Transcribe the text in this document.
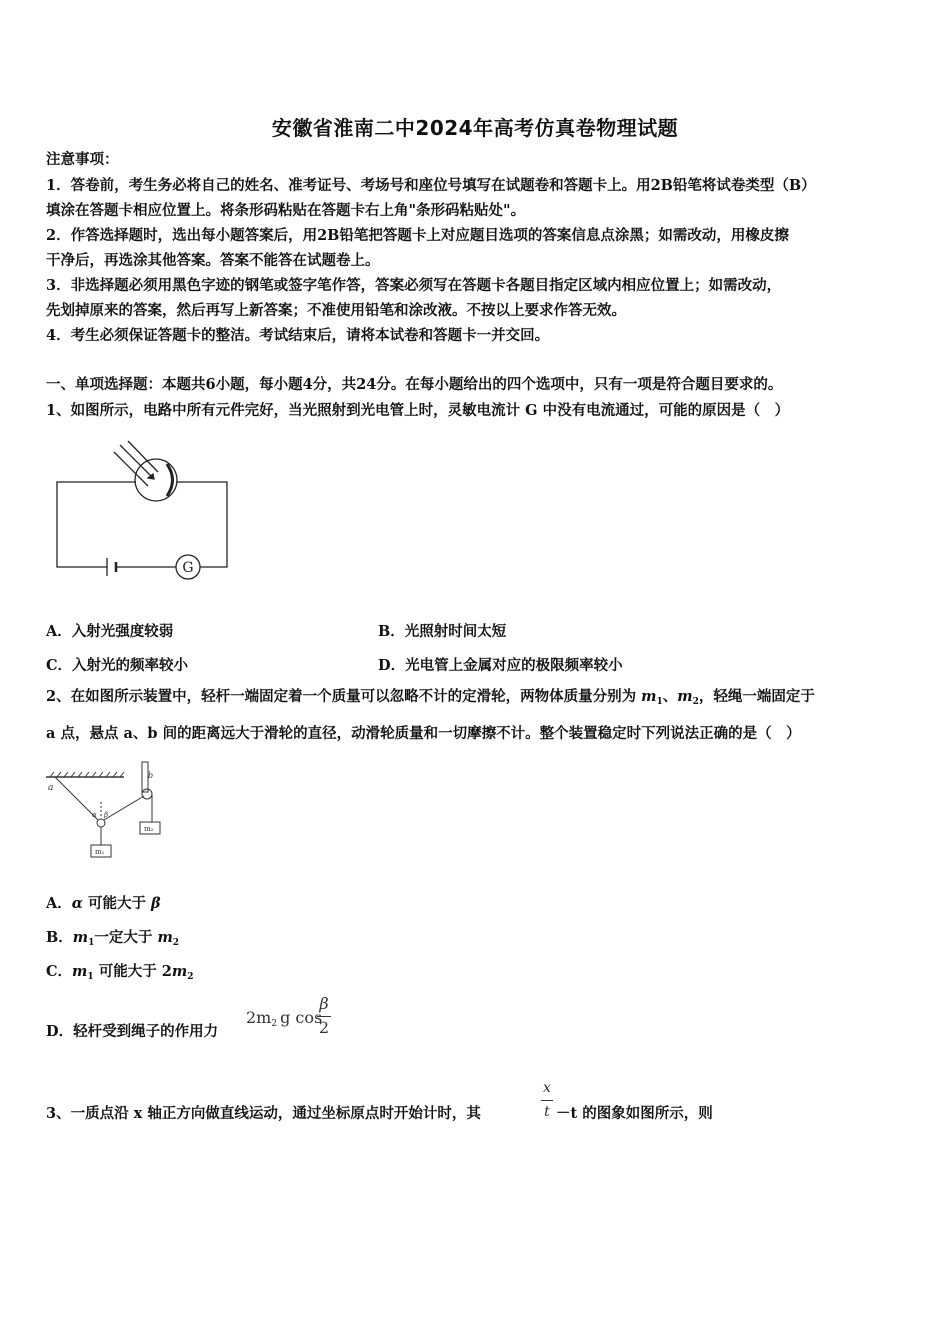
安徽省淮南二中2024年高考仿真卷物理试题
注意事项：
1．答卷前，考生务必将自己的姓名、准考证号、考场号和座位号填写在试题卷和答题卡上。用2B铅笔将试卷类型（B）
填涂在答题卡相应位置上。将条形码粘贴在答题卡右上角"条形码粘贴处"。
2．作答选择题时，选出每小题答案后，用2B铅笔把答题卡上对应题目选项的答案信息点涂黑；如需改动，用橡皮擦
干净后，再选涂其他答案。答案不能答在试题卷上。
3．非选择题必须用黑色字迹的钢笔或签字笔作答，答案必须写在答题卡各题目指定区域内相应位置上；如需改动，
先划掉原来的答案，然后再写上新答案；不准使用铅笔和涂改液。不按以上要求作答无效。
4．考生必须保证答题卡的整洁。考试结束后，请将本试卷和答题卡一并交回。
一、单项选择题：本题共6小题，每小题4分，共24分。在每小题给出的四个选项中，只有一项是符合题目要求的。
1、如图所示，电路中所有元件完好，当光照射到光电管上时，灵敏电流计 G 中没有电流通过，可能的原因是（　）
G
A．入射光强度较弱	B．光照射时间太短
C．入射光的频率较小	D．光电管上金属对应的极限频率较小
2、在如图所示装置中，轻杆一端固定着一个质量可以忽略不计的定滑轮，两物体质量分别为 $m_1$、$m_2$，轻绳一端固定于
a 点，悬点 a、b 间的距离远大于滑轮的直径，动滑轮质量和一切摩擦不计。整个装置稳定时下列说法正确的是（　）
a
b
α β
m₁
m₂
A．α 可能大于 β
B．$m_1$一定大于 $m_2$
C．$m_1$ 可能大于 $2m_2$
D．轻杆受到绳子的作用力
$2m_2$ g cos
β
2
3、一质点沿 x 轴正方向做直线运动，通过坐标原点时开始计时，其
x
t －t 的图象如图所示，则
